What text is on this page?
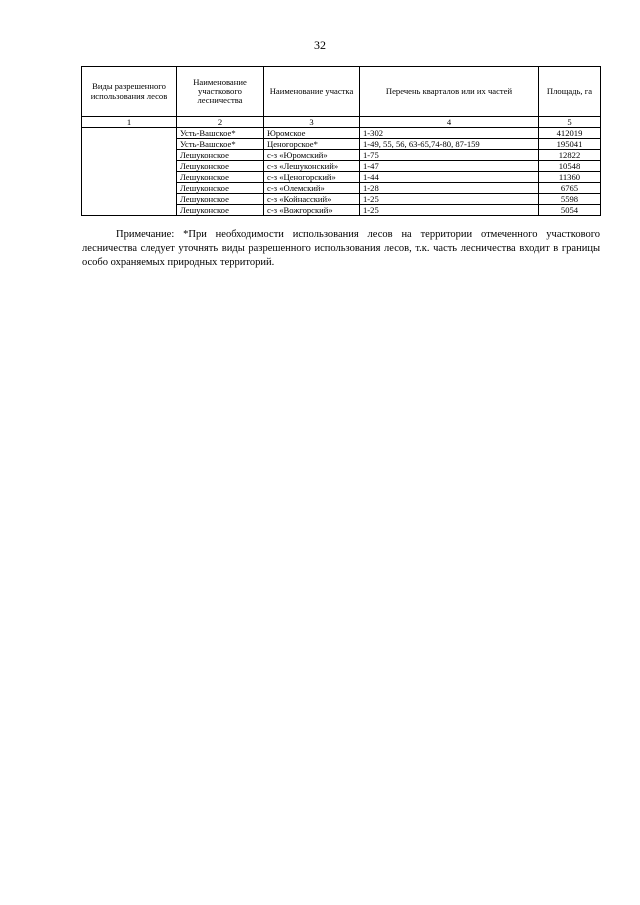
32
Виды разрешенного использования лесов	Наименование участкового лесничества	Наименование участка	Перечень кварталов или их частей	Площадь, га
1	2	3	4	5
	Усть-Вашское*	Юромское	1-302	412019
	Усть-Вашское*	Ценогорское*	1-49, 55, 56, 63-65,74-80, 87-159	195041
	Лешуконское	с-з «Юромский»	1-75	12822
	Лешуконское	с-з «Лешуконский»	1-47	10548
	Лешуконское	с-з «Ценогорский»	1-44	11360
	Лешуконское	с-з «Олемский»	1-28	6765
	Лешуконское	с-з «Койнасский»	1-25	5598
	Лешуконское	с-з «Вожгорский»	1-25	5054

Примечание: *При необходимости использования лесов на территории отмеченного участкового лесничества следует уточнять виды разрешенного использования лесов, т.к. часть лесничества входит в границы особо охраняемых природных территорий.
